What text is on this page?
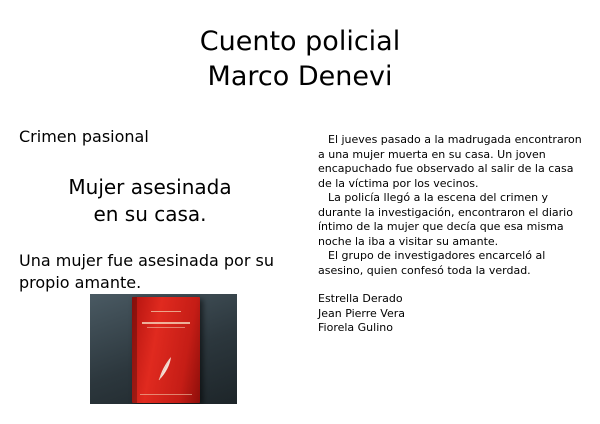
Cuento policial
Marco Denevi
Crimen pasional
Mujer asesinada
en su casa.
Una mujer fue asesinada por su propio amante.

El jueves pasado a la madrugada encontraron a una mujer muerta en su casa. Un joven encapuchado fue observado al salir de la casa de la víctima por los vecinos.

La policía llegó a la escena del crimen y durante la investigación, encontraron el diario íntimo de la mujer que decía que esa misma noche la iba a visitar su amante.

El grupo de investigadores encarceló al asesino, quien confesó toda la verdad.

Estrella Derado
Jean Pierre Vera
Fiorela Gulino
